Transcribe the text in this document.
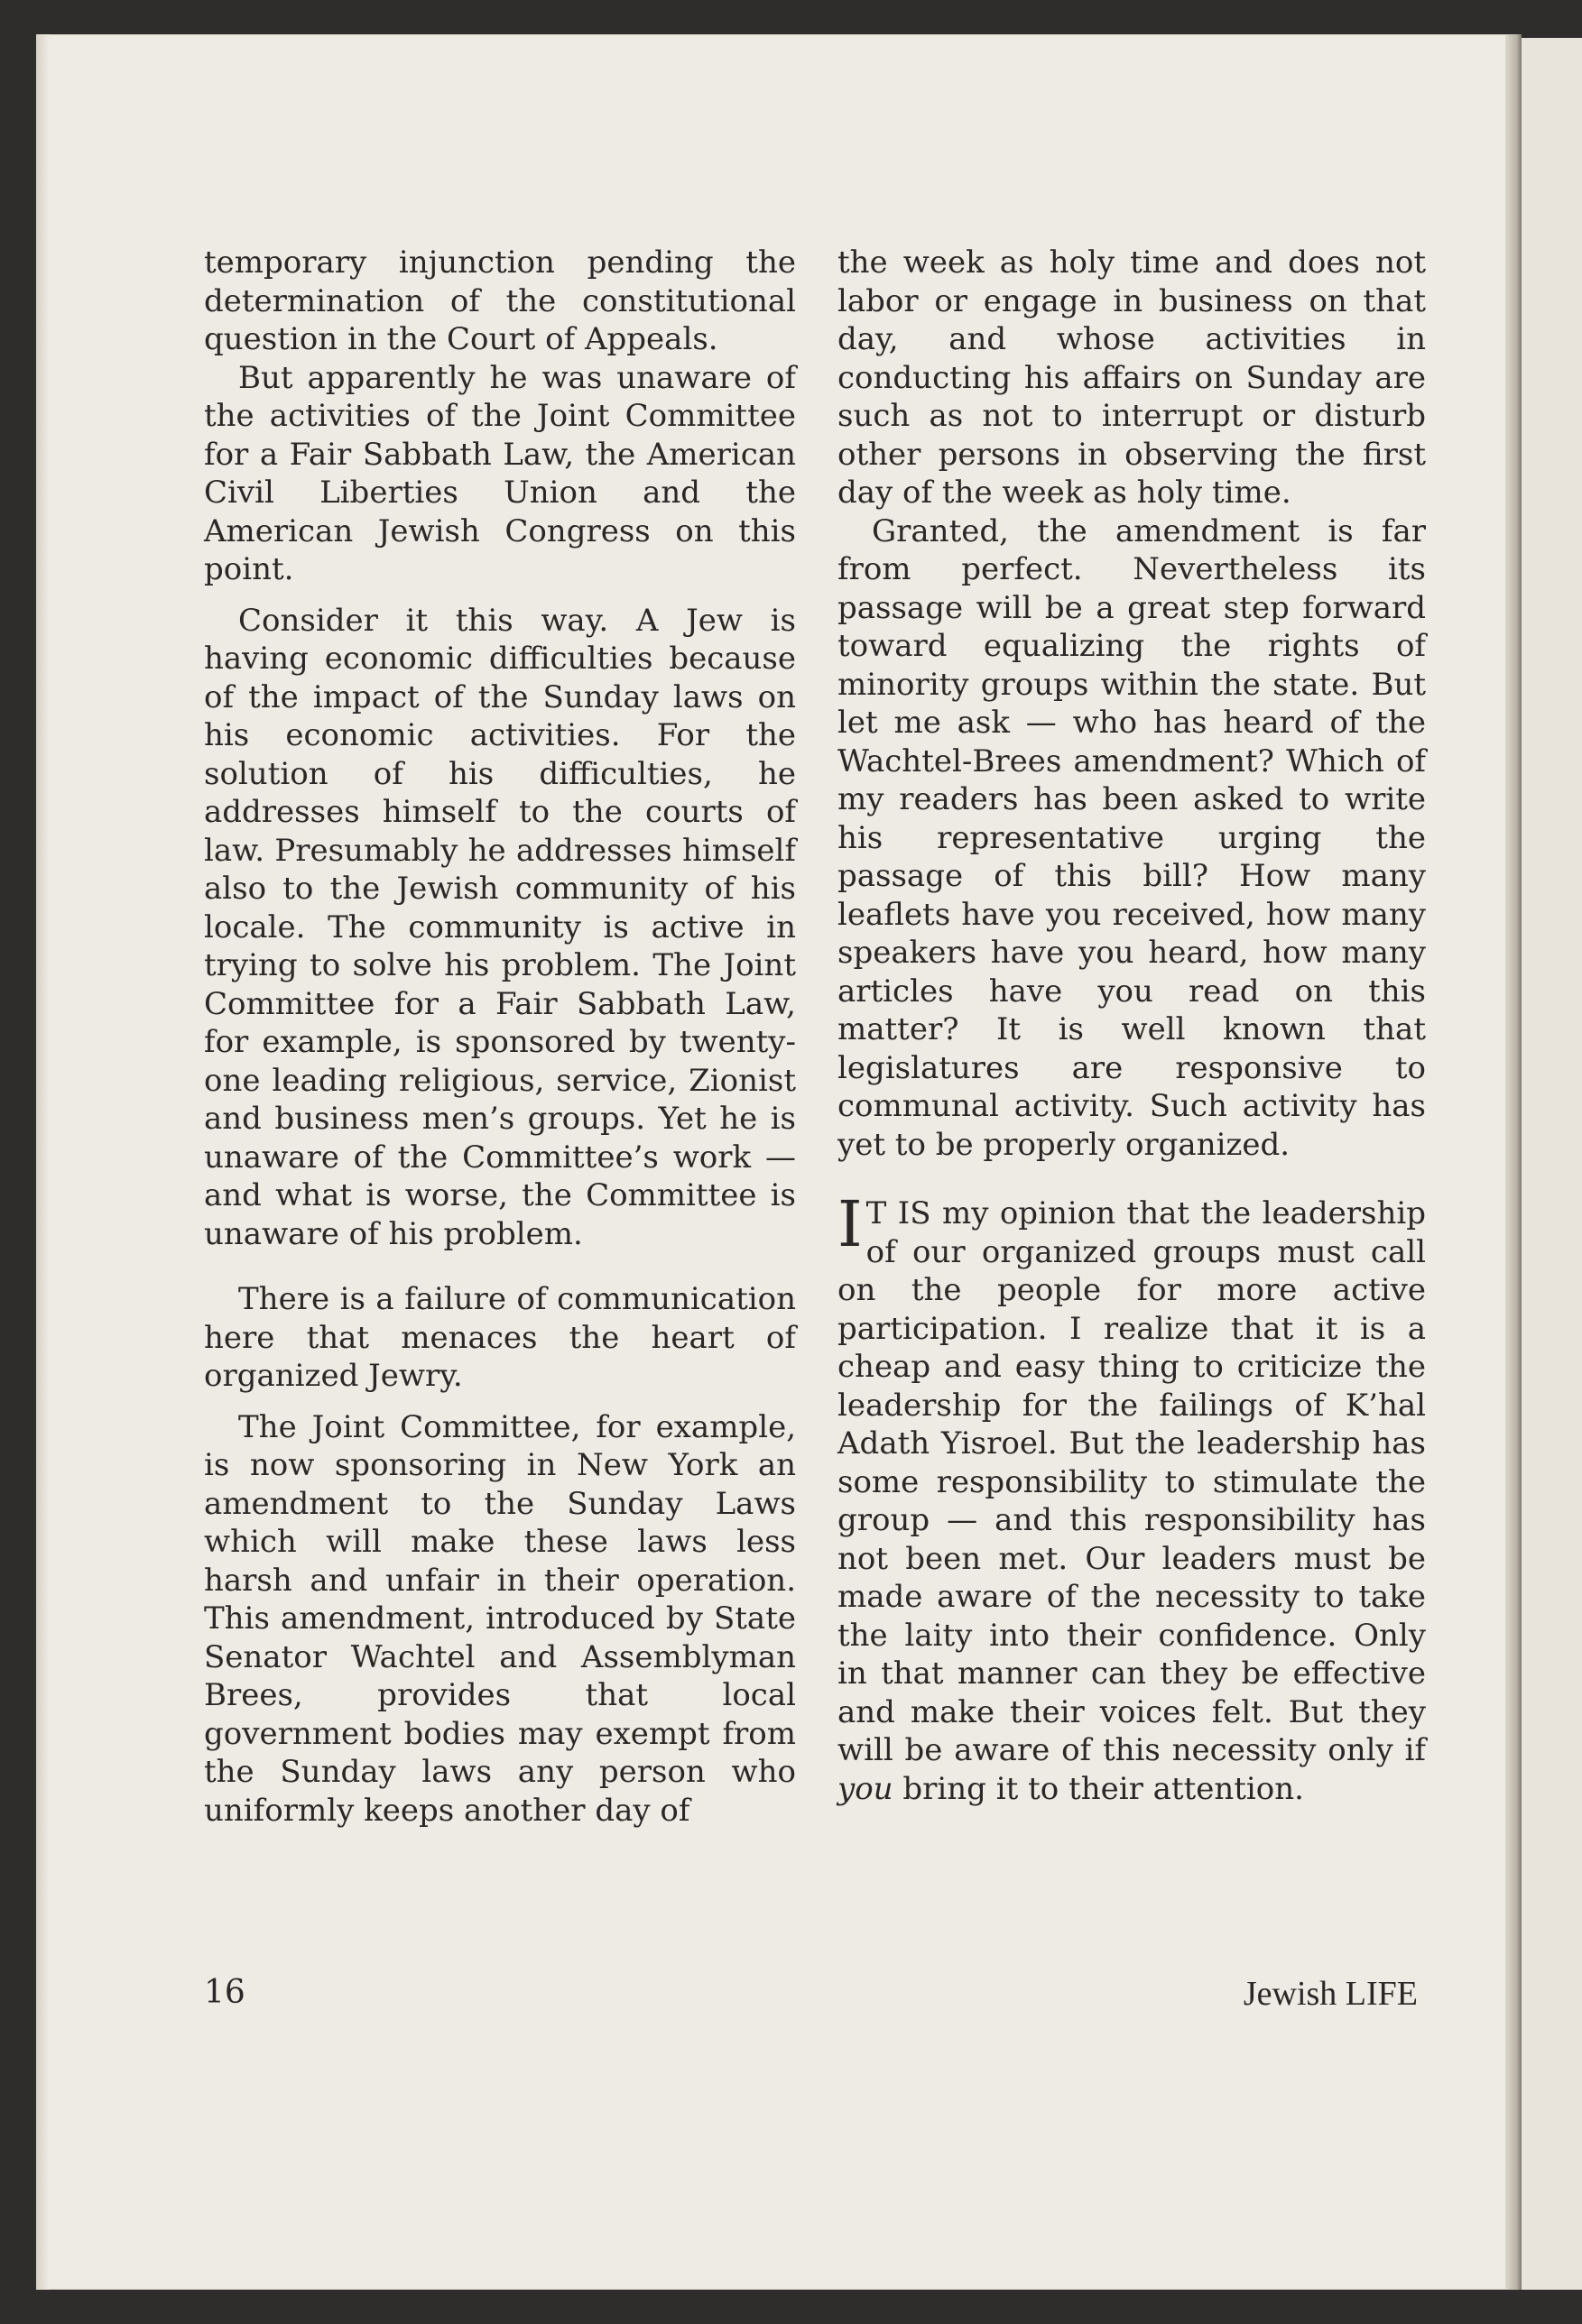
temporary injunction pending the determination of the constitutional question in the Court of Appeals.

But apparently he was unaware of the activities of the Joint Committee for a Fair Sabbath Law, the American Civil Liberties Union and the American Jewish Congress on this point.

Consider it this way. A Jew is having economic difficulties because of the impact of the Sunday laws on his economic activities. For the solution of his difficulties, he addresses himself to the courts of law. Presumably he addresses himself also to the Jewish community of his locale. The community is active in trying to solve his problem. The Joint Committee for a Fair Sabbath Law, for example, is sponsored by twenty-one leading religious, service, Zionist and business men’s groups. Yet he is unaware of the Committee’s work — and what is worse, the Committee is unaware of his problem.

There is a failure of communication here that menaces the heart of organized Jewry.

The Joint Committee, for example, is now sponsoring in New York an amendment to the Sunday Laws which will make these laws less harsh and unfair in their operation. This amendment, introduced by State Senator Wachtel and Assemblyman Brees, provides that local government bodies may exempt from the Sunday laws any person who uniformly keeps another day of

the week as holy time and does not labor or engage in business on that day, and whose activities in conducting his affairs on Sunday are such as not to interrupt or disturb other persons in observing the first day of the week as holy time.

Granted, the amendment is far from perfect. Nevertheless its passage will be a great step forward toward equalizing the rights of minority groups within the state. But let me ask — who has heard of the Wachtel-Brees amendment? Which of my readers has been asked to write his representative urging the passage of this bill? How many leaflets have you received, how many speakers have you heard, how many articles have you read on this matter? It is well known that legislatures are responsive to communal activity. Such activity has yet to be properly organized.

I T IS my opinion that the leadership of our organized groups must call on the people for more active participation. I realize that it is a cheap and easy thing to criticize the leadership for the failings of K’hal Adath Yisroel. But the leadership has some responsibility to stimulate the group — and this responsibility has not been met. Our leaders must be made aware of the necessity to take the laity into their confidence. Only in that manner can they be effective and make their voices felt. But they will be aware of this necessity only if you bring it to their attention.

16	Jewish LIFE
